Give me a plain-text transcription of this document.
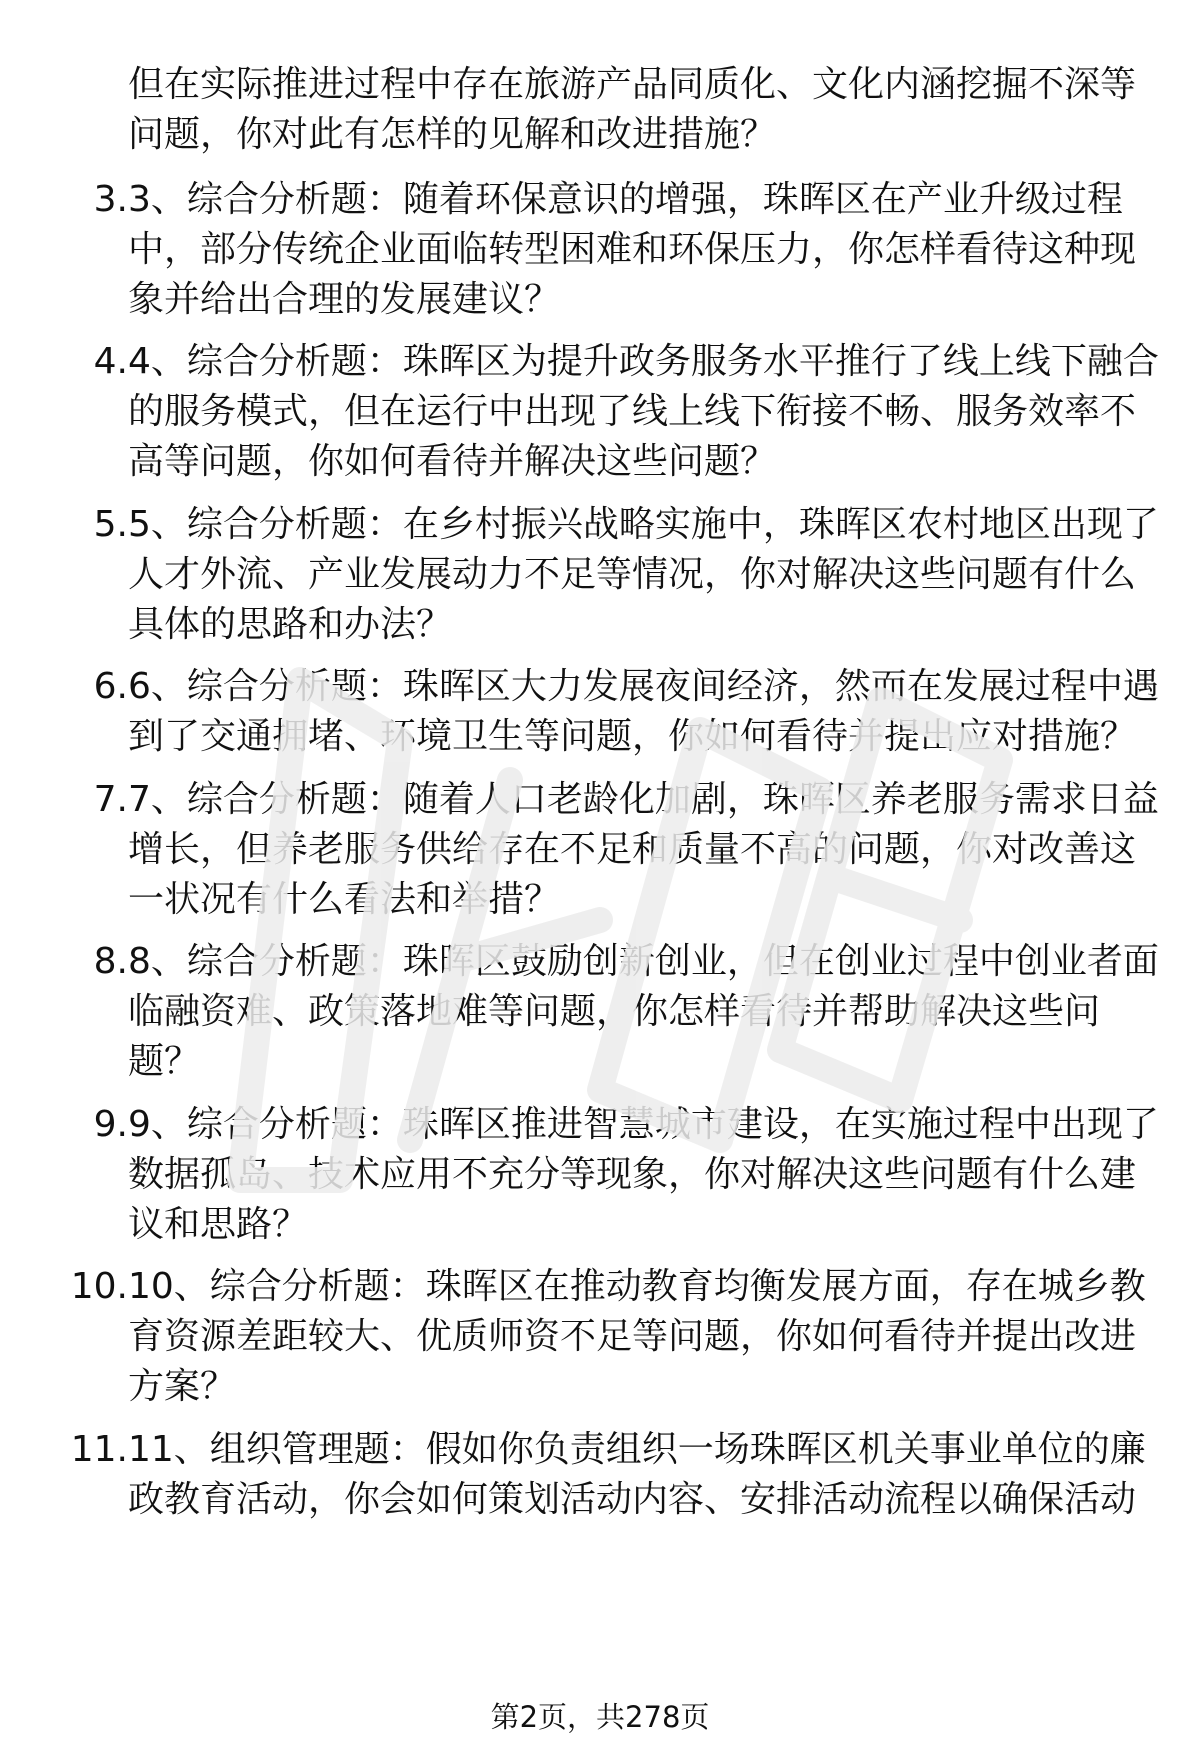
但在实际推进过程中存在旅游产品同质化、文化内涵挖掘不深等问题，你对此有怎样的见解和改进措施？

3. 3、综合分析题：随着环保意识的增强，珠晖区在产业升级过程中，部分传统企业面临转型困难和环保压力，你怎样看待这种现象并给出合理的发展建议？

4. 4、综合分析题：珠晖区为提升政务服务水平推行了线上线下融合的服务模式，但在运行中出现了线上线下衔接不畅、服务效率不高等问题，你如何看待并解决这些问题？

5. 5、综合分析题：在乡村振兴战略实施中，珠晖区农村地区出现了人才外流、产业发展动力不足等情况，你对解决这些问题有什么具体的思路和办法？

6. 6、综合分析题：珠晖区大力发展夜间经济，然而在发展过程中遇到了交通拥堵、环境卫生等问题，你如何看待并提出应对措施？

7. 7、综合分析题：随着人口老龄化加剧，珠晖区养老服务需求日益增长，但养老服务供给存在不足和质量不高的问题，你对改善这一状况有什么看法和举措？

8. 8、综合分析题：珠晖区鼓励创新创业，但在创业过程中创业者面临融资难、政策落地难等问题，你怎样看待并帮助解决这些问题？

9. 9、综合分析题：珠晖区推进智慧城市建设，在实施过程中出现了数据孤岛、技术应用不充分等现象，你对解决这些问题有什么建议和思路？

10. 10、综合分析题：珠晖区在推动教育均衡发展方面，存在城乡教育资源差距较大、优质师资不足等问题，你如何看待并提出改进方案？

11. 11、组织管理题：假如你负责组织一场珠晖区机关事业单位的廉政教育活动，你会如何策划活动内容、安排活动流程以确保活动

第2页，共278页
